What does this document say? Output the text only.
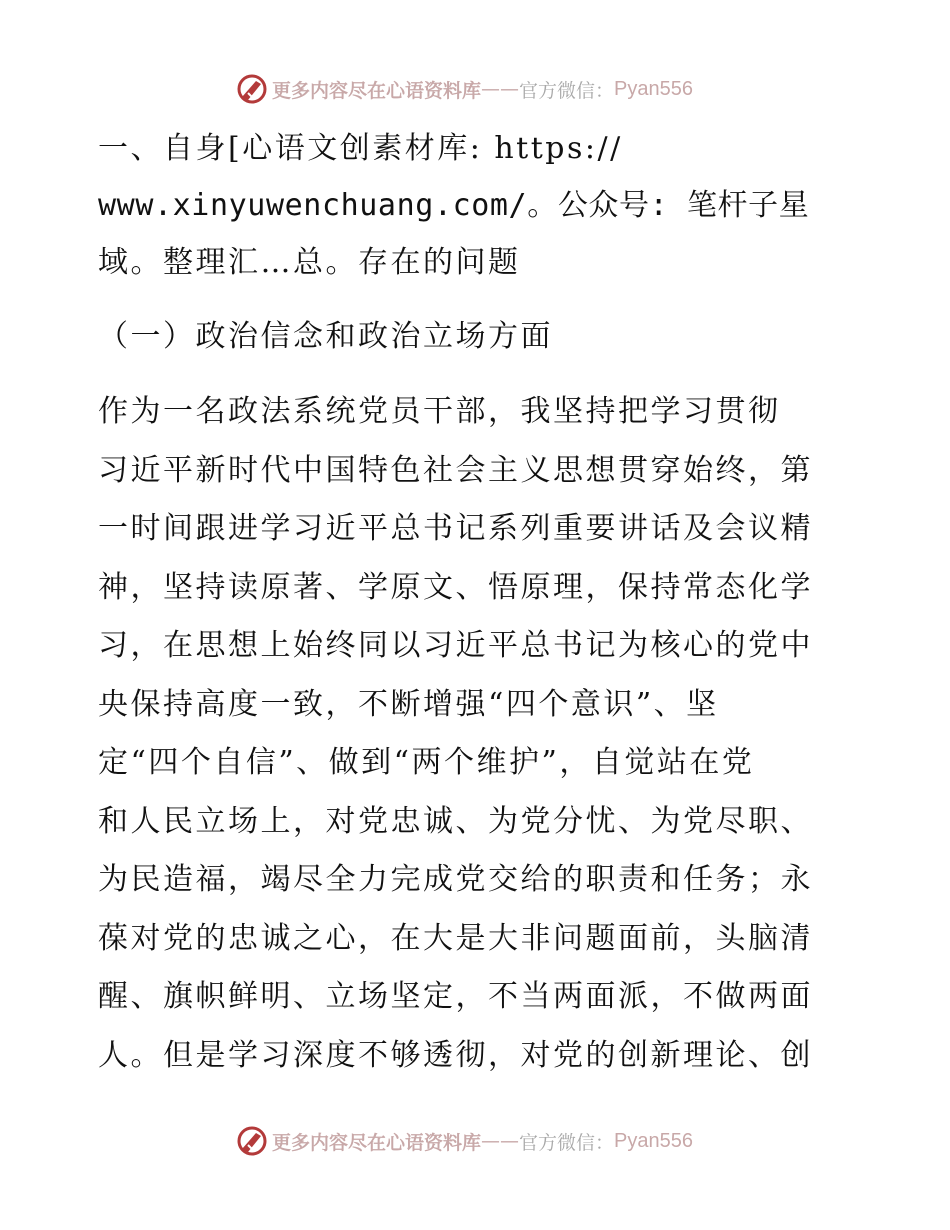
更多内容尽在心语资料库 —— 官方微信： Pyan556

一、自身[心语文创素材库: https://

www.xinyuwenchuang.com/。公众号: 笔杆子星

域。整理汇…总。存在的问题

（一）政治信念和政治立场方面

作为一名政法系统党员干部，我坚持把学习贯彻

习近平新时代中国特色社会主义思想贯穿始终，第

一时间跟进学习近平总书记系列重要讲话及会议精

神，坚持读原著、学原文、悟原理，保持常态化学

习，在思想上始终同以习近平总书记为核心的党中

央保持高度一致，不断增强“四个意识”、坚

定“四个自信”、做到“两个维护”，自觉站在党

和人民立场上，对党忠诚、为党分忧、为党尽职、

为民造福，竭尽全力完成党交给的职责和任务；永

葆对党的忠诚之心，在大是大非问题面前，头脑清

醒、旗帜鲜明、立场坚定，不当两面派，不做两面

人。但是学习深度不够透彻，对党的创新理论、创

更多内容尽在心语资料库 —— 官方微信： Pyan556
